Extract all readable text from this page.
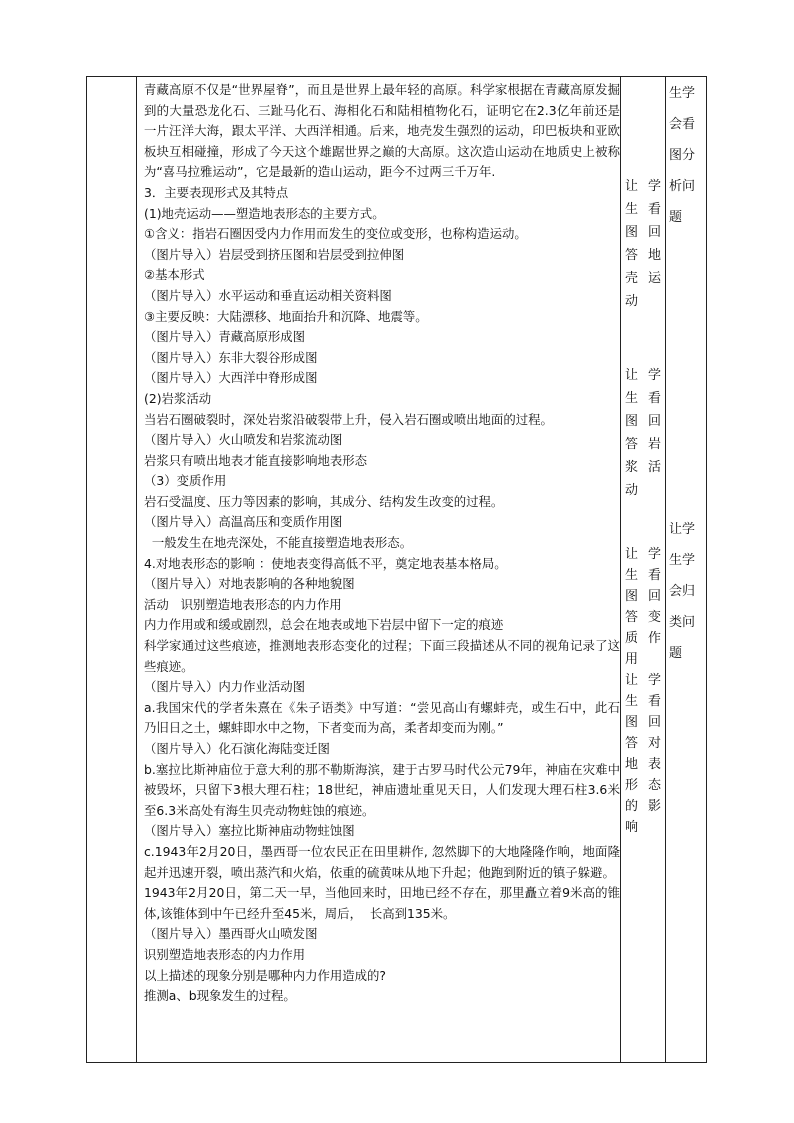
青藏高原不仅是“世界屋脊”，而且是世界上最年轻的高原。科学家根据在青藏高原发掘到的大量恐龙化石、三趾马化石、海相化石和陆相植物化石，证明它在2.3亿年前还是一片汪洋大海，跟太平洋、大西洋相通。后来，地壳发生强烈的运动，印巴板块和亚欧板块互相碰撞，形成了今天这个雄踞世界之巅的大高原。这次造山运动在地质史上被称为“喜马拉雅运动”，它是最新的造山运动，距今不过两三千万年.

3．主要表现形式及其特点

(1)地壳运动——塑造地表形态的主要方式。

①含义：指岩石圈因受内力作用而发生的变位或变形，也称构造运动。

（图片导入）岩层受到挤压图和岩层受到拉伸图

②基本形式

（图片导入）水平运动和垂直运动相关资料图

③主要反映：大陆漂移、地面抬升和沉降、地震等。

（图片导入）青藏高原形成图

（图片导入）东非大裂谷形成图

（图片导入）大西洋中脊形成图

(2)岩浆活动

当岩石圈破裂时，深处岩浆沿破裂带上升，侵入岩石圈或喷出地面的过程。

（图片导入）火山喷发和岩浆流动图

岩浆只有喷出地表才能直接影响地表形态

（3）变质作用

岩石受温度、压力等因素的影响，其成分、结构发生改变的过程。

（图片导入）高温高压和变质作用图

一般发生在地壳深处，不能直接塑造地表形态。

4.对地表形态的影响 ：使地表变得高低不平，奠定地表基本格局。

（图片导入）对地表影响的各种地貌图

活动   识别塑造地表形态的内力作用

内力作用或和缓或剧烈，总会在地表或地下岩层中留下一定的痕迹

科学家通过这些痕迹，推测地表形态变化的过程；下面三段描述从不同的视角记录了这些痕迹。

（图片导入）内力作业活动图

a.我国宋代的学者朱熹在《朱子语类》中写道：“尝见高山有螺蚌壳，或生石中，此石乃旧日之土，螺蚌即水中之物，下者变而为高，柔者却变而为刚。”

（图片导入）化石演化海陆变迁图

b.塞拉比斯神庙位于意大利的那不勒斯海滨，建于古罗马时代公元79年，神庙在灾难中被毁坏，只留下3根大理石柱；18世纪，神庙遗址重见天日，人们发现大理石柱3.6米至6.3米高处有海生贝壳动物蛀蚀的痕迹。

（图片导入）塞拉比斯神庙动物蛀蚀图

c.1943年2月20日，墨西哥一位农民正在田里耕作, 忽然脚下的大地隆隆作响，地面隆起并迅速开裂，喷出蒸汽和火焰，依重的硫黄味从地下升起；他跑到附近的镇子躲避。

1943年2月20日，第二天一早，当他回来时，田地已经不存在，那里矗立着9米高的锥体,该锥体到中午已经升至45米，周后，  长高到135米。

（图片导入）墨西哥火山喷发图

识别塑造地表形态的内力作用

以上描述的现象分别是哪种内力作用造成的?

推测a、b现象发生的过程。

让学
生看
图回
答地
壳运
动
让学
生看
图回
答岩
浆活
动
让学
生看
图回
答变
质作
用
让学
生看
图回
答对
地表
形态
的影
响
生学
会看
图分
析问
题
让学
生学
会归
类问
题
